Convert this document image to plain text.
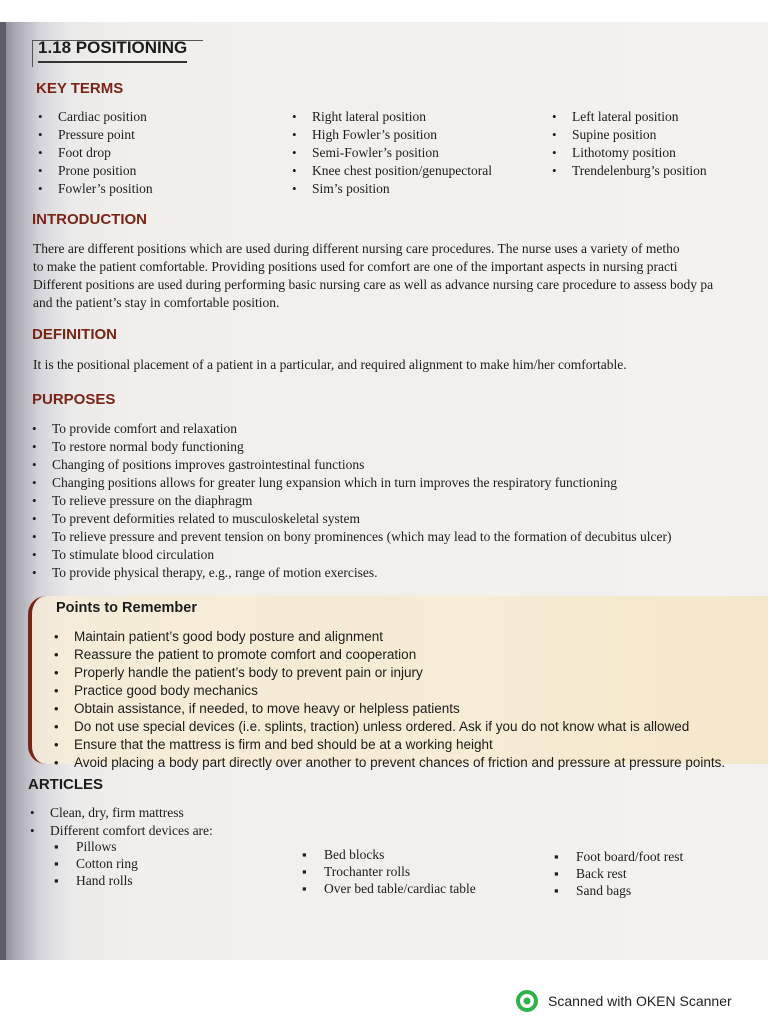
1.18 POSITIONING
KEY TERMS
• Cardiac position
• Pressure point
• Foot drop
• Prone position
• Fowler’s position
• Right lateral position
• High Fowler’s position
• Semi-Fowler’s position
• Knee chest position/genupectoral
• Sim’s position
• Left lateral position
• Supine position
• Lithotomy position
• Trendelenburg’s position
INTRODUCTION
There are different positions which are used during different nursing care procedures. The nurse uses a variety of metho
to make the patient comfortable. Providing positions used for comfort are one of the important aspects in nursing practi
Different positions are used during performing basic nursing care as well as advance nursing care procedure to assess body pa
and the patient’s stay in comfortable position.
DEFINITION
It is the positional placement of a patient in a particular, and required alignment to make him/her comfortable.
PURPOSES
• To provide comfort and relaxation
• To restore normal body functioning
• Changing of positions improves gastrointestinal functions
• Changing positions allows for greater lung expansion which in turn improves the respiratory functioning
• To relieve pressure on the diaphragm
• To prevent deformities related to musculoskeletal system
• To relieve pressure and prevent tension on bony prominences (which may lead to the formation of decubitus ulcer)
• To stimulate blood circulation
• To provide physical therapy, e.g., range of motion exercises.
Points to Remember
• Maintain patient’s good body posture and alignment
• Reassure the patient to promote comfort and cooperation
• Properly handle the patient’s body to prevent pain or injury
• Practice good body mechanics
• Obtain assistance, if needed, to move heavy or helpless patients
• Do not use special devices (i.e. splints, traction) unless ordered. Ask if you do not know what is allowed
• Ensure that the mattress is firm and bed should be at a working height
• Avoid placing a body part directly over another to prevent chances of friction and pressure at pressure points.
ARTICLES
• Clean, dry, firm mattress
• Different comfort devices are:
▪ Pillows
▪ Cotton ring
▪ Hand rolls
▪ Bed blocks
▪ Trochanter rolls
▪ Over bed table/cardiac table
▪ Foot board/foot rest
▪ Back rest
▪ Sand bags
Scanned with OKEN Scanner
